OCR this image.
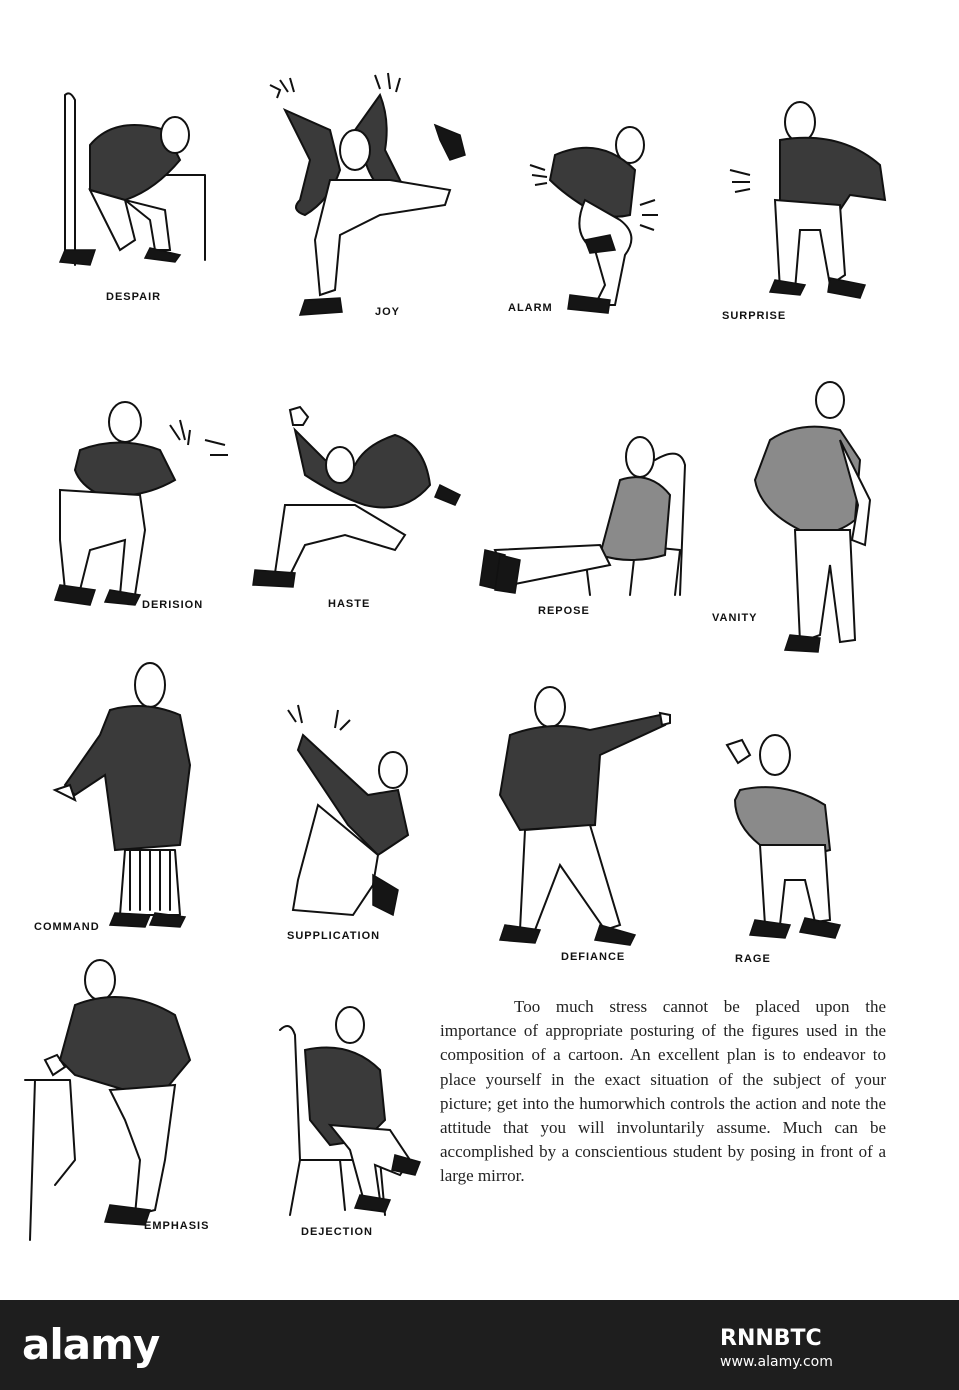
DESPAIR
JOY	ALARM
SURPRISE
DERISION	HASTE
REPOSE
VANITY
COMMAND
SUPPLICATION
DEFIANCE	RAGE
EMPHASIS	DEJECTION

Too much stress cannot be placed upon the importance of appropriate posturing of the figures used in the composition of a cartoon. An excellent plan is to endeavor to place yourself in the exact situation of the subject of your picture; get into the humorwhich controls the action and note the attitude that you will involuntarily assume. Much can be accomplished by a conscientious student by posing in front of a large mirror.

alamy	RNNBTC
www.alamy.com
